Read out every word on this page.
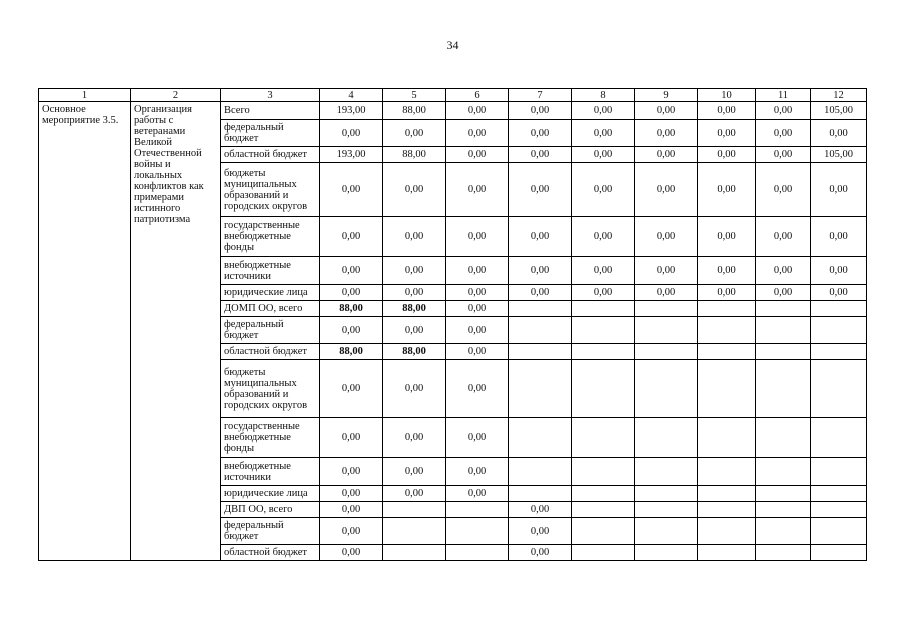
34
1	2	3	4	5	6	7	8	9	10	11	12
Основное мероприятие 3.5.	Организация работы с ветеранами Великой Отечественной войны и локальных конфликтов как примерами истинного патриотизма	Всего	193,00	88,00	0,00	0,00	0,00	0,00	0,00	0,00	105,00
		федеральный бюджет	0,00	0,00	0,00	0,00	0,00	0,00	0,00	0,00	0,00
		областной бюджет	193,00	88,00	0,00	0,00	0,00	0,00	0,00	0,00	105,00
		бюджеты муниципальных образований и городских округов	0,00	0,00	0,00	0,00	0,00	0,00	0,00	0,00	0,00
		государственные внебюджетные фонды	0,00	0,00	0,00	0,00	0,00	0,00	0,00	0,00	0,00
		внебюджетные источники	0,00	0,00	0,00	0,00	0,00	0,00	0,00	0,00	0,00
		юридические лица	0,00	0,00	0,00	0,00	0,00	0,00	0,00	0,00	0,00
		ДОМП ОО, всего	88,00	88,00	0,00						
		федеральный бюджет	0,00	0,00	0,00						
		областной бюджет	88,00	88,00	0,00						
		бюджеты муниципальных образований и городских округов	0,00	0,00	0,00						
		государственные внебюджетные фонды	0,00	0,00	0,00						
		внебюджетные источники	0,00	0,00	0,00						
		юридические лица	0,00	0,00	0,00						
		ДВП ОО, всего	0,00			0,00					
		федеральный бюджет	0,00			0,00					
		областной бюджет	0,00			0,00					
